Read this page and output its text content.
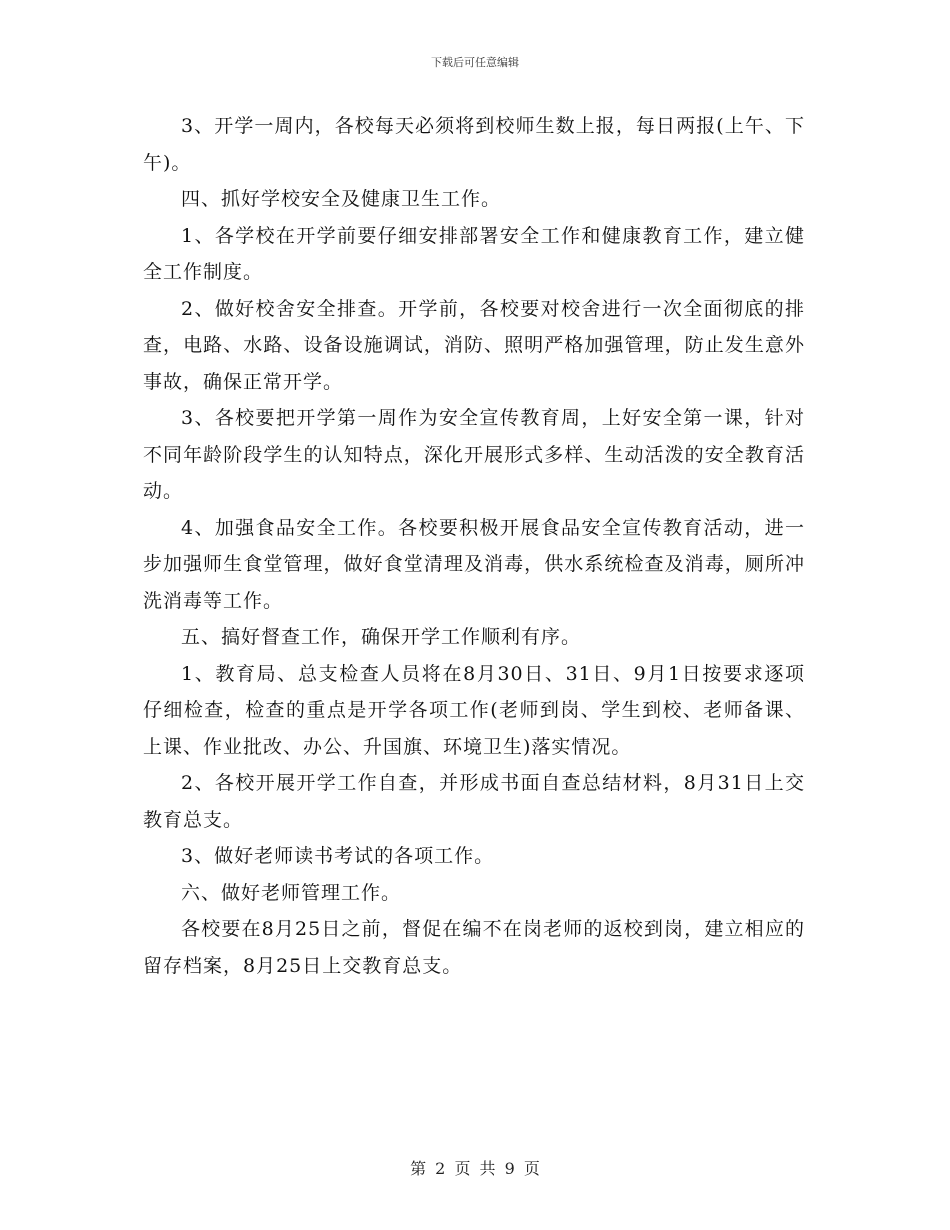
下载后可任意编辑

3、开学一周内，各校每天必须将到校师生数上报，每日两报(上午、下午)。

四、抓好学校安全及健康卫生工作。

1、各学校在开学前要仔细安排部署安全工作和健康教育工作，建立健全工作制度。

2、做好校舍安全排查。开学前，各校要对校舍进行一次全面彻底的排查，电路、水路、设备设施调试，消防、照明严格加强管理，防止发生意外事故，确保正常开学。

3、各校要把开学第一周作为安全宣传教育周，上好安全第一课，针对不同年龄阶段学生的认知特点，深化开展形式多样、生动活泼的安全教育活动。

4、加强食品安全工作。各校要积极开展食品安全宣传教育活动，进一步加强师生食堂管理，做好食堂清理及消毒，供水系统检查及消毒，厕所冲洗消毒等工作。

五、搞好督查工作，确保开学工作顺利有序。

1、教育局、总支检查人员将在8月30日、31日、9月1日按要求逐项仔细检查，检查的重点是开学各项工作(老师到岗、学生到校、老师备课、上课、作业批改、办公、升国旗、环境卫生)落实情况。

2、各校开展开学工作自查，并形成书面自查总结材料，8月31日上交教育总支。

3、做好老师读书考试的各项工作。

六、做好老师管理工作。

各校要在8月25日之前，督促在编不在岗老师的返校到岗，建立相应的留存档案，8月25日上交教育总支。

第 2 页 共 9 页
